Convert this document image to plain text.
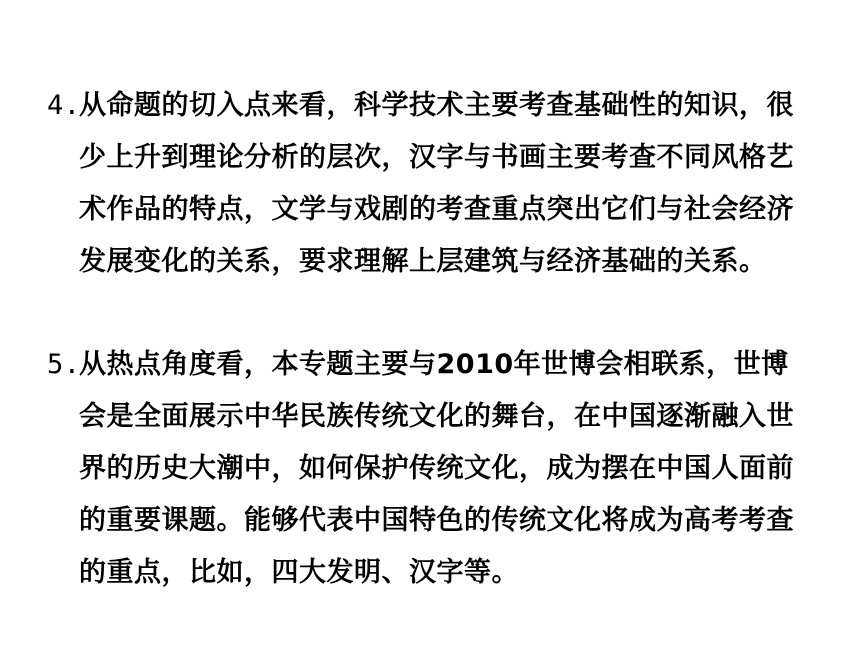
4.
从命题的切入点来看，科学技术主要考查基础性的知识，很少上升到理论分析的层次，汉字与书画主要考查不同风格艺术作品的特点，文学与戏剧的考查重点突出它们与社会经济发展变化的关系，要求理解上层建筑与经济基础的关系。
5.
从热点角度看，本专题主要与2010年世博会相联系，世博会是全面展示中华民族传统文化的舞台，在中国逐渐融入世界的历史大潮中，如何保护传统文化，成为摆在中国人面前的重要课题。能够代表中国特色的传统文化将成为高考考查的重点，比如，四大发明、汉字等。
